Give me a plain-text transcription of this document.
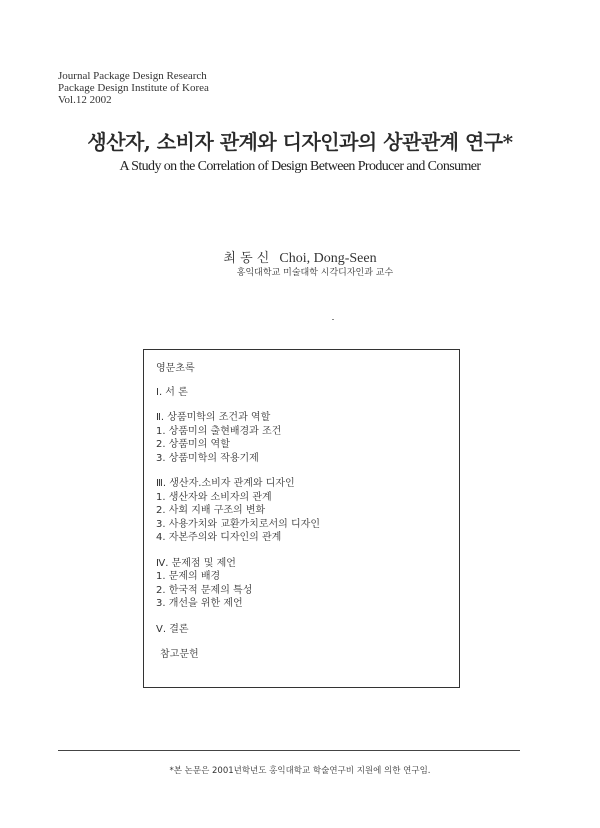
Journal Package Design Research
Package Design Institute of Korea
Vol.12 2002
생산자, 소비자 관계와 디자인과의 상관관계 연구*
A Study on the Correlation of Design Between Producer and Consumer
최 동 신 Choi, Dong-Seen
홍익대학교 미술대학 시각디자인과 교수
영문초록
Ⅰ. 서 론
Ⅱ. 상품미학의 조건과 역할
1. 상품미의 출현배경과 조건
2. 상품미의 역할
3. 상품미학의 작용기제
Ⅲ. 생산자.소비자 관계와 디자인
1. 생산자와 소비자의 관계
2. 사회 지배 구조의 변화
3. 사용가치와 교환가치로서의 디자인
4. 자본주의와 디자인의 관계
Ⅳ. 문제점 및 제언
1. 문제의 배경
2. 한국적 문제의 특성
3. 개선을 위한 제언
Ⅴ. 결론
참고문헌
*본 논문은 2001년학년도 홍익대학교 학술연구비 지원에 의한 연구임.
